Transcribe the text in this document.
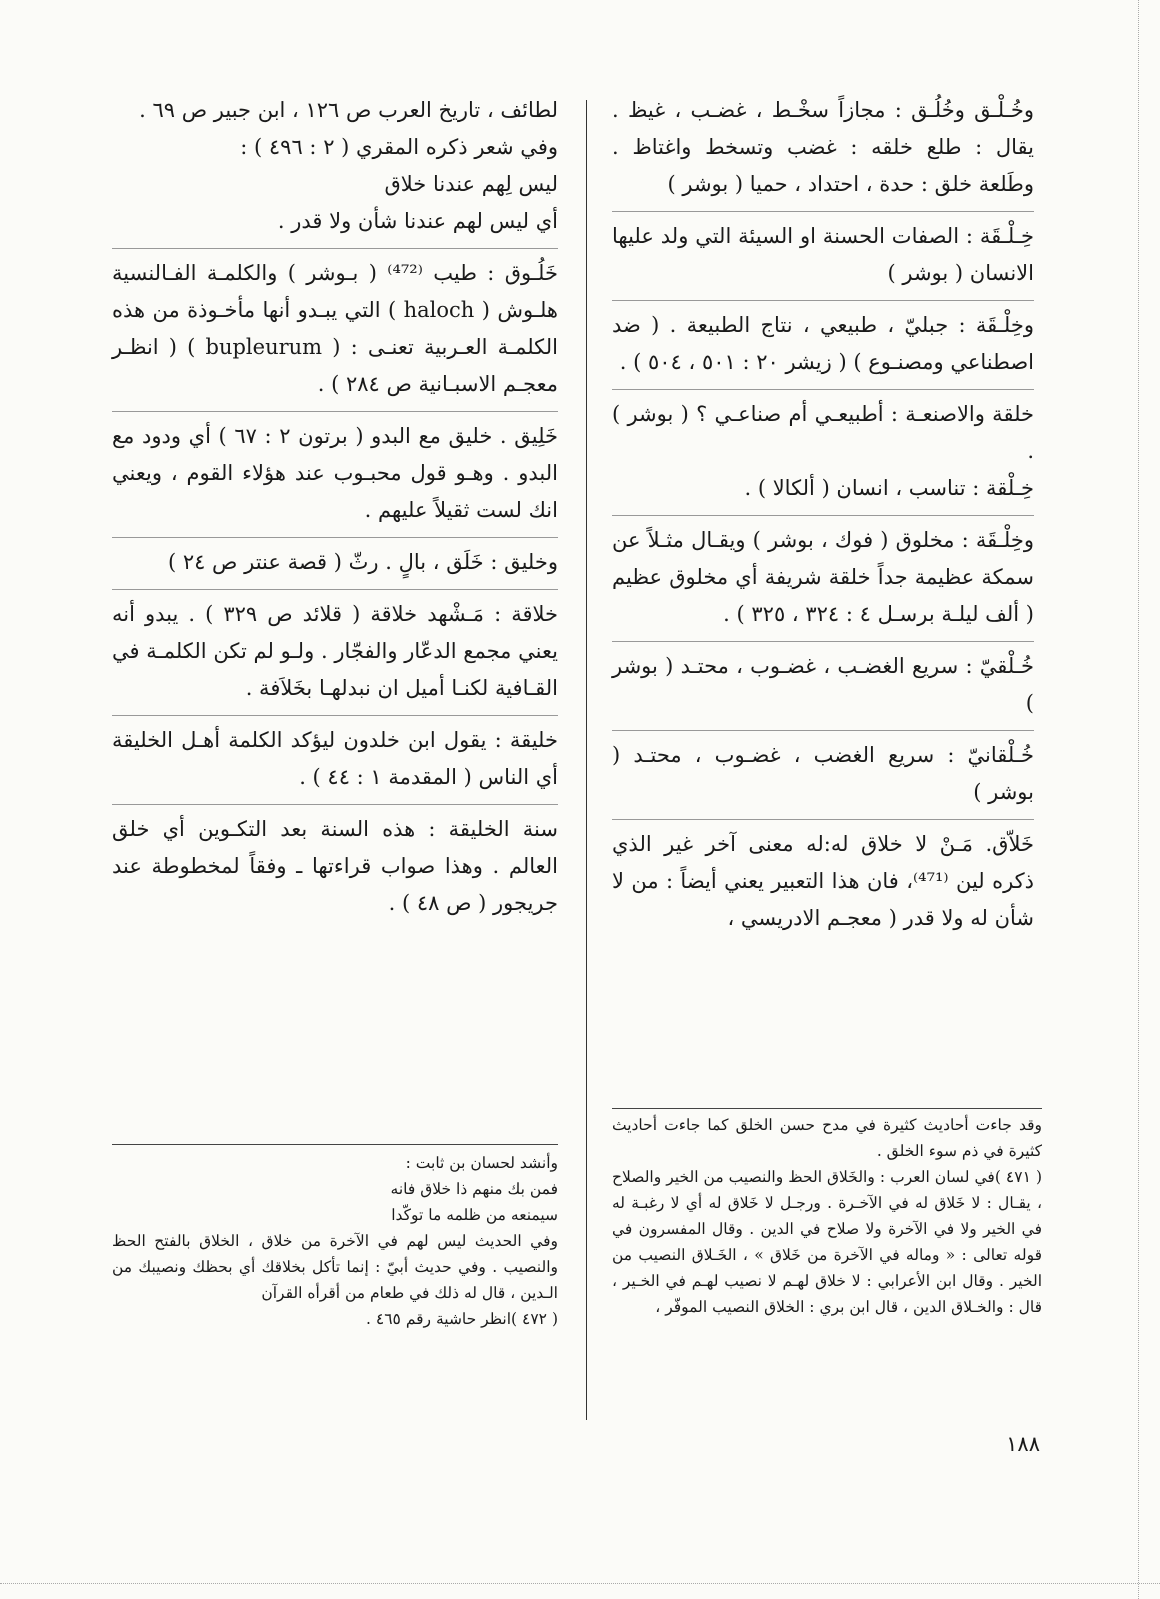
وخُـلْـق وخُلُـق : مجازاً سخْـط ، غضـب ، غيظ . يقال : طلع خلقه : غضب وتسخط واغتاظ . وطَلعة خلق : حدة ، احتداد ، حميا ( بوشر )

خِـلْـقَة : الصفات الحسنة او السيئة التي ولد عليها الانسان ( بوشر )

وخِلْـقَة : جبليّ ، طبيعي ، نتاج الطبيعة . ( ضد اصطناعي ومصنـوع ) ( زيشر ٢٠ : ٥٠١ ، ٥٠٤ ) .

خلقة والاصنعـة : أطبيعـي أم صناعـي ؟ ( بوشر ) .

خِـلْقة : تناسب ، انسان ( ألكالا ) .

وخِلْـقَة : مخلوق ( فوك ، بوشر ) ويقـال مثـلاً عن سمكة عظيمة جداً خلقة شريفة أي مخلوق عظيم ( ألف ليلـة برسـل ٤ : ٣٢٤ ، ٣٢٥ ) .

خُـلْقيّ : سريع الغضـب ، غضـوب ، محتـد ( بوشر )

خُـلْقانيّ : سريع الغضب ، غضـوب ، محتـد ( بوشر )

خَلاّق. مَـنْ لا خلاق له:له معنى آخر غير الذي ذكره لين ⁽⁴⁷¹⁾، فان هذا التعبير يعني أيضاً : من لا شأن له ولا قدر ( معجـم الادريسي ،

لطائف ، تاريخ العرب ص ١٢٦ ، ابن جبير ص ٦٩ .

وفي شعر ذكره المقري ( ٢ : ٤٩٦ ) :

ليس لِهم عندنا خلاق

أي ليس لهم عندنا شأن ولا قدر .

خَلُـوق : طيب ⁽⁴⁷²⁾ ( بـوشر ) والكلمـة الفـالنسية هلـوش ( haloch ) التي يبـدو أنها مأخـوذة من هذه الكلمـة العـربية تعنـى : ( bupleurum ) ( انظـر معجـم الاسبـانية ص ٢٨٤ ) .

خَلِيق . خليق مع البدو ( برتون ٢ : ٦٧ ) أي ودود مع البدو . وهـو قول محبـوب عند هؤلاء القوم ، ويعني انك لست ثقيلاً عليهم .

وخليق : خَلَق ، بالٍ . رثّ ( قصة عنتر ص ٢٤ )

خلاقة : مَـشْهد خلاقة ( قلائد ص ٣٢٩ ) . يبدو أنه يعني مجمع الدعّار والفجّار . ولـو لم تكن الكلمـة في القـافية لكنـا أميل ان نبدلهـا بخَلاَفة .

خليقة : يقول ابن خلدون ليؤكد الكلمة أهـل الخليقة أي الناس ( المقدمة ١ : ٤٤ ) .

سنة الخليقة : هذه السنة بعد التكـوين أي خلق العالم . وهذا صواب قراءتها ـ وفقاً لمخطوطة عند جريجور ( ص ٤٨ ) .

وقد جاءت أحاديث كثيرة في مدح حسن الخلق كما جاءت أحاديث كثيرة في ذم سوء الخلق .

( ٤٧١ )في لسان العرب : والخَلاق الحظ والنصيب من الخير والصلاح ، يقـال : لا خَلاق له في الآخـرة . ورجـل لا خَلاق له أي لا رغبـة له في الخير ولا في الآخرة ولا صلاح في الدين . وقال المفسرون في قوله تعالى : « وماله في الآخرة من خَلاق » ، الخَـلاق النصيب من الخير . وقال ابن الأعرابي : لا خلاق لهـم لا نصيب لهـم في الخـير ، قال : والخـلاق الدين ، قال ابن بري : الخلاق النصيب الموفّر ،

وأنشد لحسان بن ثابت :

فمن بك منهم ذا خلاق فانه

سيمنعه من ظلمه ما توكّدا

وفي الحديث ليس لهم في الآخرة من خلاق ، الخلاق بالفتح الحظ والنصيب . وفي حديث أبيّ : إنما تأكل بخلاقك أي بحظك ونصيبك من الـدين ، قال له ذلك في طعام من أقرأه القرآن

( ٤٧٢ )انظر حاشية رقم ٤٦٥ .

١٨٨
